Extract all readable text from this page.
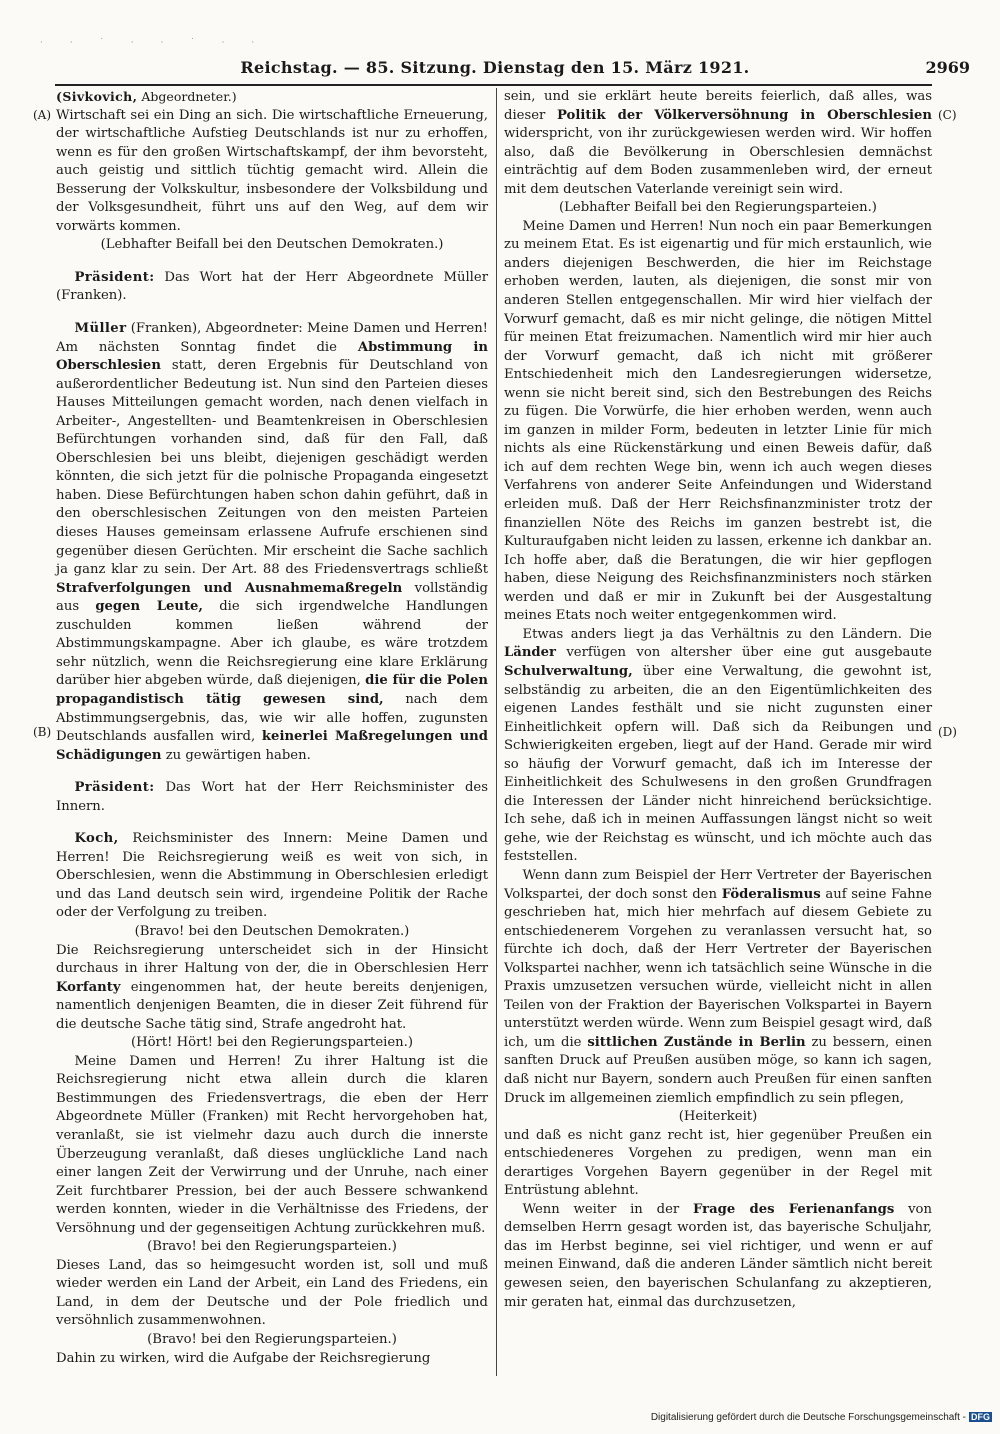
· · ˙ · · ˙ · ·
Reichstag. — 85. Sitzung. Dienstag den 15. März 1921.	2969
(A)
(B)
(C)
(D)

(Sivkovich, Abgeordneter.)

Wirtschaft sei ein Ding an sich. Die wirtschaftliche Erneuerung, der wirtschaftliche Aufstieg Deutschlands ist nur zu erhoffen, wenn es für den großen Wirtschaftskampf, der ihm bevorsteht, auch geistig und sittlich tüchtig gemacht wird. Allein die Besserung der Volkskultur, insbesondere der Volksbildung und der Volksgesundheit, führt uns auf den Weg, auf dem wir vorwärts kommen.

(Lebhafter Beifall bei den Deutschen Demokraten.)

Präsident: Das Wort hat der Herr Abgeordnete Müller (Franken).

Müller (Franken), Abgeordneter: Meine Damen und Herren! Am nächsten Sonntag findet die Abstimmung in Oberschlesien statt, deren Ergebnis für Deutschland von außerordentlicher Bedeutung ist. Nun sind den Parteien dieses Hauses Mitteilungen gemacht worden, nach denen vielfach in Arbeiter-, Angestellten- und Beamtenkreisen in Oberschlesien Befürchtungen vorhanden sind, daß für den Fall, daß Oberschlesien bei uns bleibt, diejenigen geschädigt werden könnten, die sich jetzt für die polnische Propaganda eingesetzt haben. Diese Befürchtungen haben schon dahin geführt, daß in den oberschlesischen Zeitungen von den meisten Parteien dieses Hauses gemeinsam erlassene Aufrufe erschienen sind gegenüber diesen Gerüchten. Mir erscheint die Sache sachlich ja ganz klar zu sein. Der Art. 88 des Friedensvertrags schließt Strafverfolgungen und Ausnahmemaßregeln vollständig aus gegen Leute, die sich irgendwelche Handlungen zuschulden kommen ließen während der Abstimmungskampagne. Aber ich glaube, es wäre trotzdem sehr nützlich, wenn die Reichsregierung eine klare Erklärung darüber hier abgeben würde, daß diejenigen, die für die Polen propagandistisch tätig gewesen sind, nach dem Abstimmungsergebnis, das, wie wir alle hoffen, zugunsten Deutschlands ausfallen wird, keinerlei Maßregelungen und Schädigungen zu gewärtigen haben.

Präsident: Das Wort hat der Herr Reichsminister des Innern.

Koch, Reichsminister des Innern: Meine Damen und Herren! Die Reichsregierung weiß es weit von sich, in Oberschlesien, wenn die Abstimmung in Oberschlesien erledigt und das Land deutsch sein wird, irgendeine Politik der Rache oder der Verfolgung zu treiben.

(Bravo! bei den Deutschen Demokraten.)

Die Reichsregierung unterscheidet sich in der Hinsicht durchaus in ihrer Haltung von der, die in Oberschlesien Herr Korfanty eingenommen hat, der heute bereits denjenigen, namentlich denjenigen Beamten, die in dieser Zeit führend für die deutsche Sache tätig sind, Strafe angedroht hat.

(Hört! Hört! bei den Regierungsparteien.)

Meine Damen und Herren! Zu ihrer Haltung ist die Reichsregierung nicht etwa allein durch die klaren Bestimmungen des Friedensvertrags, die eben der Herr Abgeordnete Müller (Franken) mit Recht hervorgehoben hat, veranlaßt, sie ist vielmehr dazu auch durch die innerste Überzeugung veranlaßt, daß dieses unglückliche Land nach einer langen Zeit der Verwirrung und der Unruhe, nach einer Zeit furchtbarer Pression, bei der auch Bessere schwankend werden konnten, wieder in die Verhältnisse des Friedens, der Versöhnung und der gegenseitigen Achtung zurückkehren muß.

(Bravo! bei den Regierungsparteien.)

Dieses Land, das so heimgesucht worden ist, soll und muß wieder werden ein Land der Arbeit, ein Land des Friedens, ein Land, in dem der Deutsche und der Pole friedlich und versöhnlich zusammenwohnen.

(Bravo! bei den Regierungsparteien.)

Dahin zu wirken, wird die Aufgabe der Reichsregierung

sein, und sie erklärt heute bereits feierlich, daß alles, was dieser Politik der Völkerversöhnung in Oberschlesien widerspricht, von ihr zurückgewiesen werden wird. Wir hoffen also, daß die Bevölkerung in Oberschlesien demnächst einträchtig auf dem Boden zusammenleben wird, der erneut mit dem deutschen Vaterlande vereinigt sein wird.

(Lebhafter Beifall bei den Regierungsparteien.)

Meine Damen und Herren! Nun noch ein paar Bemerkungen zu meinem Etat. Es ist eigenartig und für mich erstaunlich, wie anders diejenigen Beschwerden, die hier im Reichstage erhoben werden, lauten, als diejenigen, die sonst mir von anderen Stellen entgegenschallen. Mir wird hier vielfach der Vorwurf gemacht, daß es mir nicht gelinge, die nötigen Mittel für meinen Etat freizumachen. Namentlich wird mir hier auch der Vorwurf gemacht, daß ich nicht mit größerer Entschiedenheit mich den Landesregierungen widersetze, wenn sie nicht bereit sind, sich den Bestrebungen des Reichs zu fügen. Die Vorwürfe, die hier erhoben werden, wenn auch im ganzen in milder Form, bedeuten in letzter Linie für mich nichts als eine Rückenstärkung und einen Beweis dafür, daß ich auf dem rechten Wege bin, wenn ich auch wegen dieses Verfahrens von anderer Seite Anfeindungen und Widerstand erleiden muß. Daß der Herr Reichsfinanzminister trotz der finanziellen Nöte des Reichs im ganzen bestrebt ist, die Kulturaufgaben nicht leiden zu lassen, erkenne ich dankbar an. Ich hoffe aber, daß die Beratungen, die wir hier gepflogen haben, diese Neigung des Reichsfinanzministers noch stärken werden und daß er mir in Zukunft bei der Ausgestaltung meines Etats noch weiter entgegenkommen wird.

Etwas anders liegt ja das Verhältnis zu den Ländern. Die Länder verfügen von altersher über eine gut ausgebaute Schulverwaltung, über eine Verwaltung, die gewohnt ist, selbständig zu arbeiten, die an den Eigentümlichkeiten des eigenen Landes festhält und sie nicht zugunsten einer Einheitlichkeit opfern will. Daß sich da Reibungen und Schwierigkeiten ergeben, liegt auf der Hand. Gerade mir wird so häufig der Vorwurf gemacht, daß ich im Interesse der Einheitlichkeit des Schulwesens in den großen Grundfragen die Interessen der Länder nicht hinreichend berücksichtige. Ich sehe, daß ich in meinen Auffassungen längst nicht so weit gehe, wie der Reichstag es wünscht, und ich möchte auch das feststellen.

Wenn dann zum Beispiel der Herr Vertreter der Bayerischen Volkspartei, der doch sonst den Föderalismus auf seine Fahne geschrieben hat, mich hier mehrfach auf diesem Gebiete zu entschiedenerem Vorgehen zu veranlassen versucht hat, so fürchte ich doch, daß der Herr Vertreter der Bayerischen Volkspartei nachher, wenn ich tatsächlich seine Wünsche in die Praxis umzusetzen versuchen würde, vielleicht nicht in allen Teilen von der Fraktion der Bayerischen Volkspartei in Bayern unterstützt werden würde. Wenn zum Beispiel gesagt wird, daß ich, um die sittlichen Zustände in Berlin zu bessern, einen sanften Druck auf Preußen ausüben möge, so kann ich sagen, daß nicht nur Bayern, sondern auch Preußen für einen sanften Druck im allgemeinen ziemlich empfindlich zu sein pflegen,

(Heiterkeit)

und daß es nicht ganz recht ist, hier gegenüber Preußen ein entschiedeneres Vorgehen zu predigen, wenn man ein derartiges Vorgehen Bayern gegenüber in der Regel mit Entrüstung ablehnt.

Wenn weiter in der Frage des Ferienanfangs von demselben Herrn gesagt worden ist, das bayerische Schuljahr, das im Herbst beginne, sei viel richtiger, und wenn er auf meinen Einwand, daß die anderen Länder sämtlich nicht bereit gewesen seien, den bayerischen Schulanfang zu akzeptieren, mir geraten hat, einmal das durchzusetzen,

Digitalisierung gefördert durch die Deutsche Forschungsgemeinschaft - DFG
